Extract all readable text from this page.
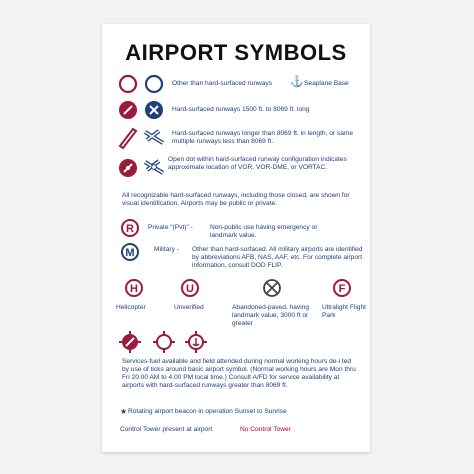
AIRPORT SYMBOLS
Other than hard-surfaced runways	⚓ Seaplane Base
Hard-surfaced runways 1500 ft. to 8069 ft. long
Hard-surfaced runways longer than 8069 ft. in length, or same multiple runways less than 8069 ft.
Open dot within hard-surfaced runway configuration indicates approximate location of VOR, VOR-DME, or VORTAC.
All recognizable hard-surfaced runways, including those closed, are shown for visual identification. Airports may be public or private.
R Private “(Pvt)” -	Non-public use having emergency or landmark value.
M	Military -	Other than hard-surfaced. All military airports are identified by abbreviations AFB, NAS, AAF, etc. For complete airport information, consult DOD FLIP.
H
Helicopter
U
Unverified	Abandoned-paved, having landmark value, 3000 ft or greater
F
Ultralight Flight Park
Services-fuel available and field attended during normal working hours de-i ted by use of ticks around basic airport symbol. (Normal working hours are Mon thru Fri 20.00 AM to 4.00 PM local time.) Consult A/FD for service availability at airports with hard-surfaced runways greater than 8069 ft.
★ Rotating airport beacon in operation Sunset to Sunrise
Control Tower present at airport	No Control Tower
